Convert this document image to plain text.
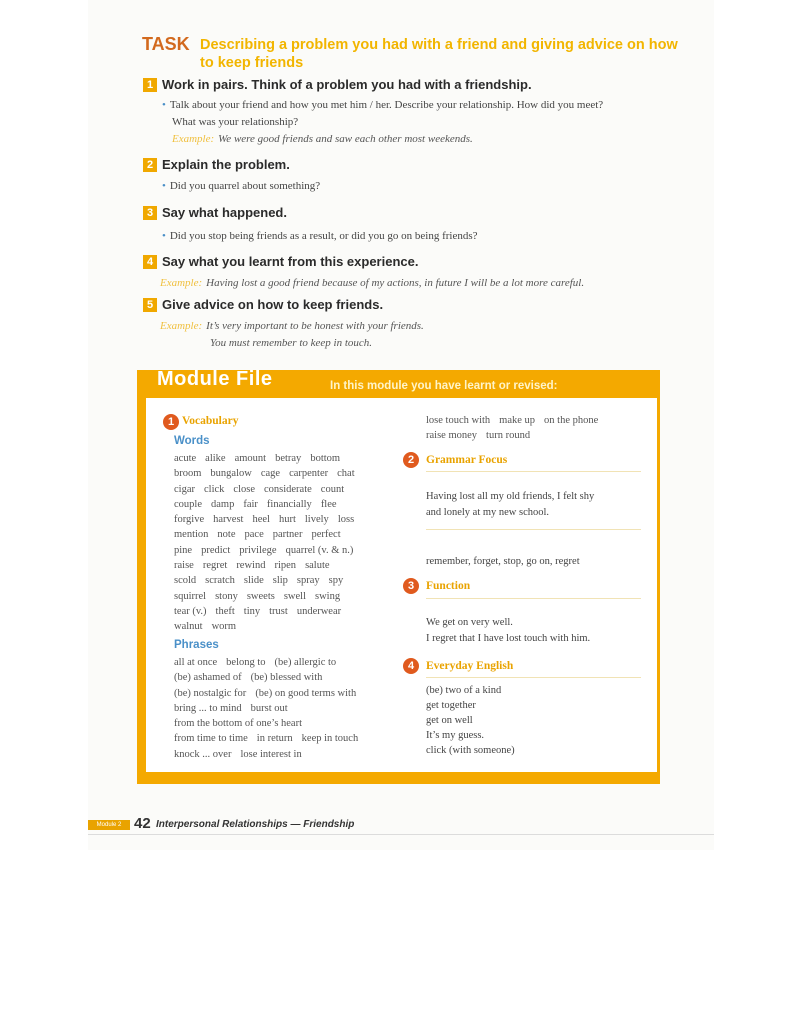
TASK Describing a problem you had with a friend and giving advice on how to keep friends
1 Work in pairs. Think of a problem you had with a friendship.
• Talk about your friend and how you met him / her. Describe your relationship. How did you meet?
What was your relationship?
Example: We were good friends and saw each other most weekends.
2 Explain the problem.
• Did you quarrel about something?
3 Say what happened.
• Did you stop being friends as a result, or did you go on being friends?
4 Say what you learnt from this experience.
Example: Having lost a good friend because of my actions, in future I will be a lot more careful.
5 Give advice on how to keep friends.
Example: It’s very important to be honest with your friends.
You must remember to keep in touch.
Module File	In this module you have learnt or revised:
1 Vocabulary
Words
acute alike amount betray bottom
broom bungalow cage carpenter chat
cigar click close considerate count
couple damp fair financially flee
forgive harvest heel hurt lively loss
mention note pace partner perfect
pine predict privilege quarrel (v. & n.)
raise regret rewind ripen salute
scold scratch slide slip spray spy
squirrel stony sweets swell swing
tear (v.) theft tiny trust underwear
walnut worm
Phrases
all at once belong to (be) allergic to
(be) ashamed of (be) blessed with
(be) nostalgic for (be) on good terms with
bring ... to mind burst out
from the bottom of one’s heart
from time to time in return keep in touch
knock ... over lose interest in
lose touch with make up on the phone
raise money turn round
2	Grammar Focus
Having lost all my old friends, I felt shy
and lonely at my new school.
remember, forget, stop, go on, regret
3	Function
We get on very well.
I regret that I have lost touch with him.
4	Everyday English
(be) two of a kind
get together
get on well
It’s my guess.
click (with someone)
Module 2 42 Interpersonal Relationships — Friendship
